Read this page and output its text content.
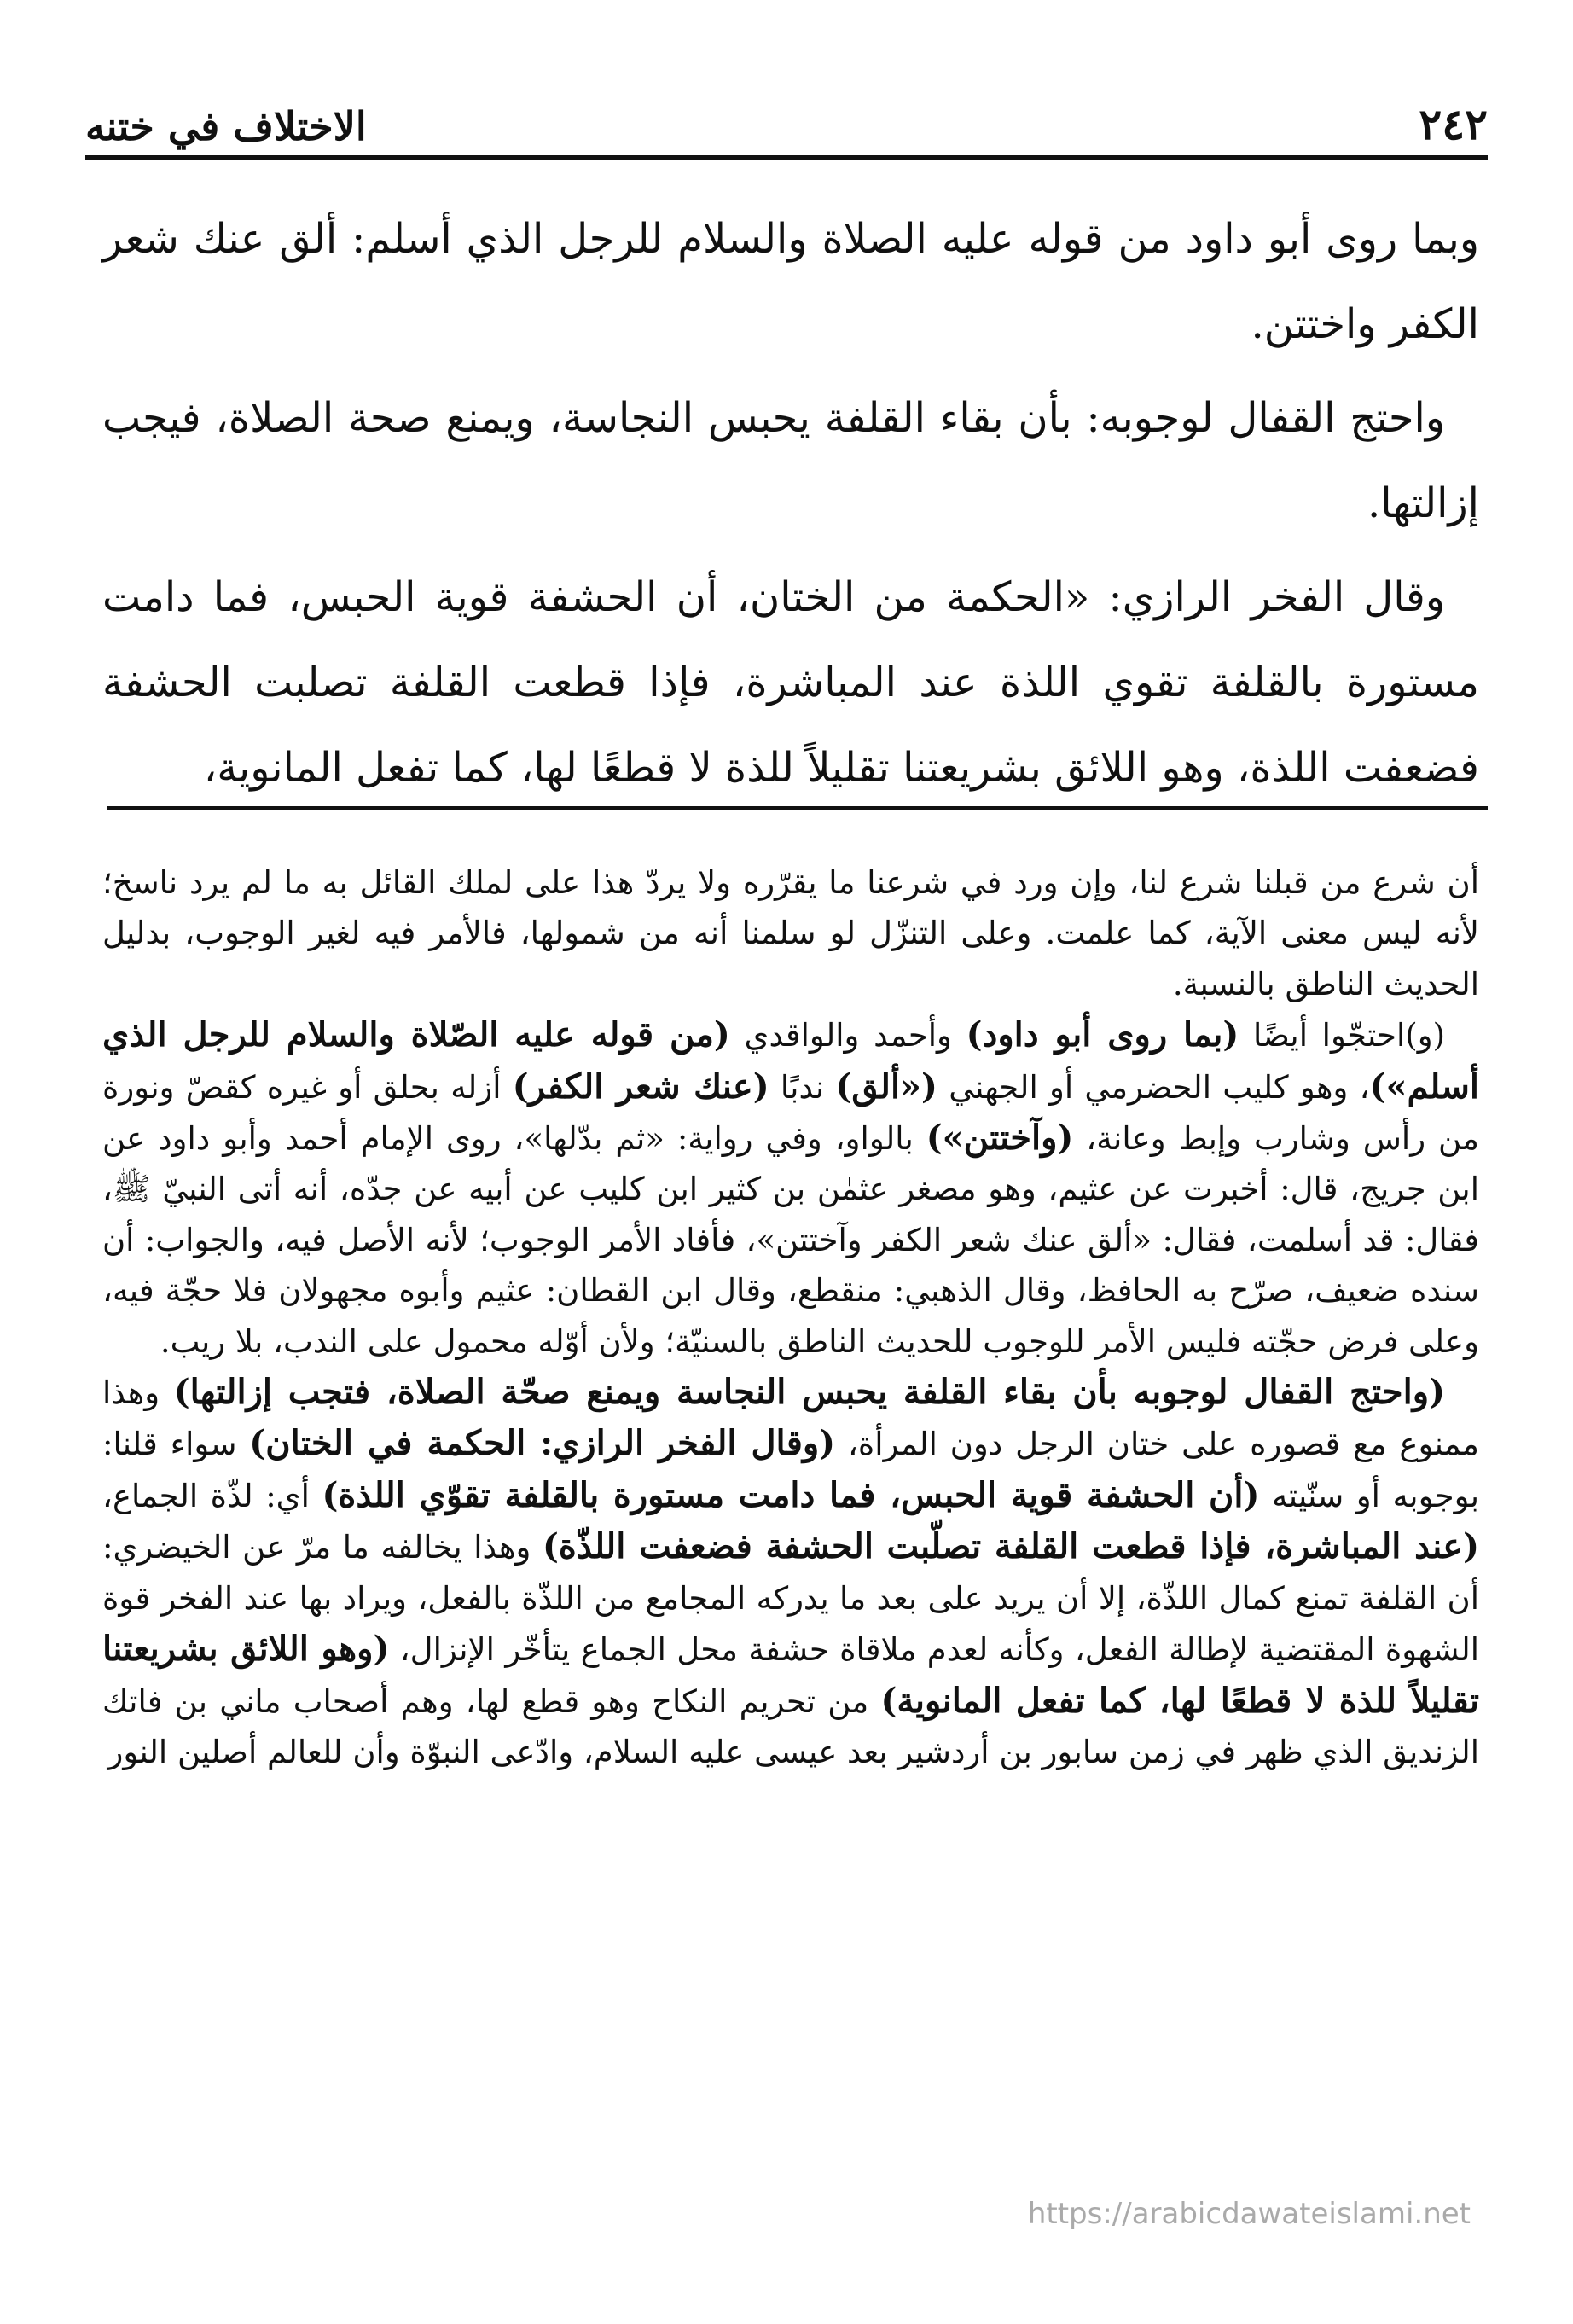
الاختلاف في ختنه	٢٤٢

وبما روى أبو داود من قوله عليه الصلاة والسلام للرجل الذي أسلم: ألق عنك شعر الكفر واختتن.

واحتج القفال لوجوبه: بأن بقاء القلفة يحبس النجاسة، ويمنع صحة الصلاة، فيجب إزالتها.

وقال الفخر الرازي: «الحكمة من الختان، أن الحشفة قوية الحبس، فما دامت مستورة بالقلفة تقوي اللذة عند المباشرة، فإذا قطعت القلفة تصلبت الحشفة فضعفت اللذة، وهو اللائق بشريعتنا تقليلاً للذة لا قطعًا لها، كما تفعل المانوية،

أن شرع من قبلنا شرع لنا، وإن ورد في شرعنا ما يقرّره ولا يردّ هذا على لملك القائل به ما لم يرد ناسخ؛ لأنه ليس معنى الآية، كما علمت. وعلى التنزّل لو سلمنا أنه من شمولها، فالأمر فيه لغير الوجوب، بدليل الحديث الناطق بالنسبة.

(و)احتجّوا أيضًا (بما روى أبو داود) وأحمد والواقدي (من قوله عليه الصّلاة والسلام للرجل الذي أسلم»)، وهو كليب الحضرمي أو الجهني («ألق) ندبًا (عنك شعر الكفر) أزله بحلق أو غيره كقصّ ونورة من رأس وشارب وإبط وعانة، (وآختتن») بالواو، وفي رواية: «ثم بدّلها»، روى الإمام أحمد وأبو داود عن ابن جريج، قال: أخبرت عن عثيم، وهو مصغر عثمٰن بن كثير ابن كليب عن أبيه عن جدّه، أنه أتى النبيّ ﷺ، فقال: قد أسلمت، فقال: «ألق عنك شعر الكفر وآختتن»، فأفاد الأمر الوجوب؛ لأنه الأصل فيه، والجواب: أن سنده ضعيف، صرّح به الحافظ، وقال الذهبي: منقطع، وقال ابن القطان: عثيم وأبوه مجهولان فلا حجّة فيه، وعلى فرض حجّته فليس الأمر للوجوب للحديث الناطق بالسنيّة؛ ولأن أوّله محمول على الندب، بلا ريب.

(واحتج القفال لوجوبه بأن بقاء القلفة يحبس النجاسة ويمنع صحّة الصلاة، فتجب إزالتها) وهذا ممنوع مع قصوره على ختان الرجل دون المرأة، (وقال الفخر الرازي: الحكمة في الختان) سواء قلنا: بوجوبه أو سنّيته (أن الحشفة قوية الحبس، فما دامت مستورة بالقلفة تقوّي اللذة) أي: لذّة الجماع، (عند المباشرة، فإذا قطعت القلفة تصلّبت الحشفة فضعفت اللذّة) وهذا يخالفه ما مرّ عن الخيضري: أن القلفة تمنع كمال اللذّة، إلا أن يريد على بعد ما يدركه المجامع من اللذّة بالفعل، ويراد بها عند الفخر قوة الشهوة المقتضية لإطالة الفعل، وكأنه لعدم ملاقاة حشفة محل الجماع يتأخّر الإنزال، (وهو اللائق بشريعتنا تقليلاً للذة لا قطعًا لها، كما تفعل المانوية) من تحريم النكاح وهو قطع لها، وهم أصحاب ماني بن فاتك الزنديق الذي ظهر في زمن سابور بن أردشير بعد عيسى عليه السلام، وادّعى النبوّة وأن للعالم أصلين النور

https://arabicdawateislami.net
